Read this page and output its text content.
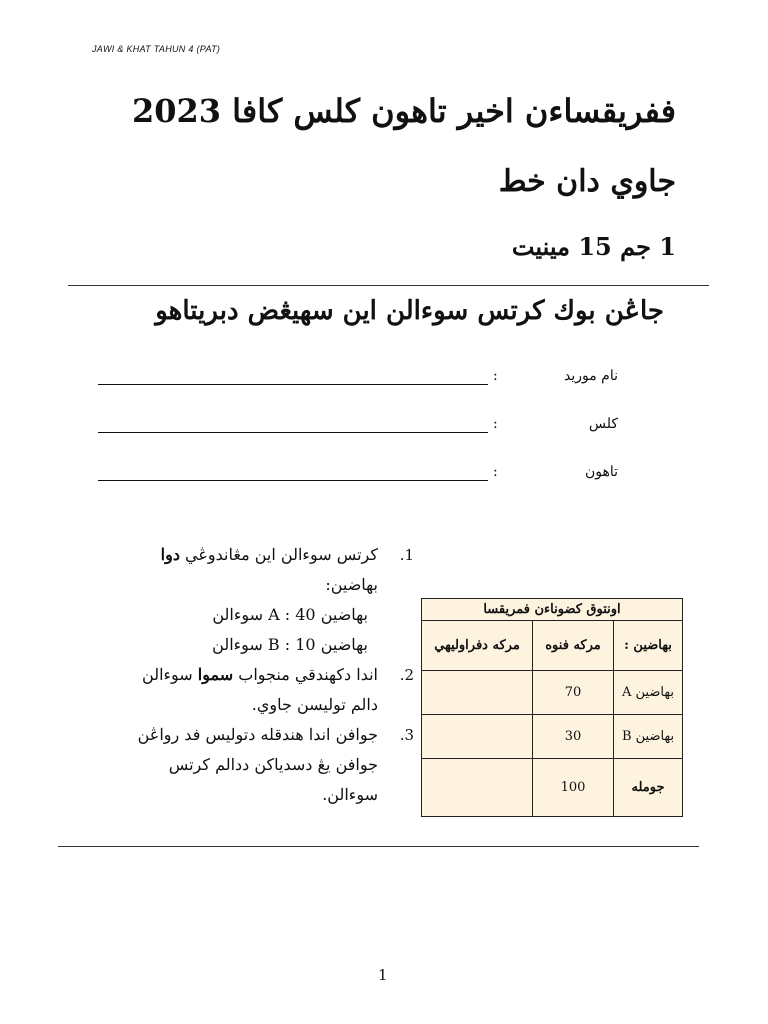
JAWI & KHAT TAHUN 4 (PAT)
ففريقساءن اخير تاهون كلس كافا 2023
جاوي دان خط
1 جم 15 مينيت
جاڠن بوك كرتس سوءالن اين سهيڠض دبريتاهو
نام موريد
:
كلس
:
تاهون
:
.1
كرتس سوءالن اين مڠاندوڠي دوا
بهاضين:
بهاضين A : 40 سوءالن
بهاضين B : 10 سوءالن
.2
اندا دكهندقي منجواب سموا سوءالن
دالم توليسن جاوي.
.3
جوافن اندا هندقله دتوليس فد رواڠن
جوافن يڠ دسدياكن ددالم كرتس
سوءالن.
اونتوق كضوناءن فمريقسا		
بهاضين :	مركه فنوه	مركه دفراوليهي
بهاضين A	70	
بهاضين B	30	
جومله	100	
1
